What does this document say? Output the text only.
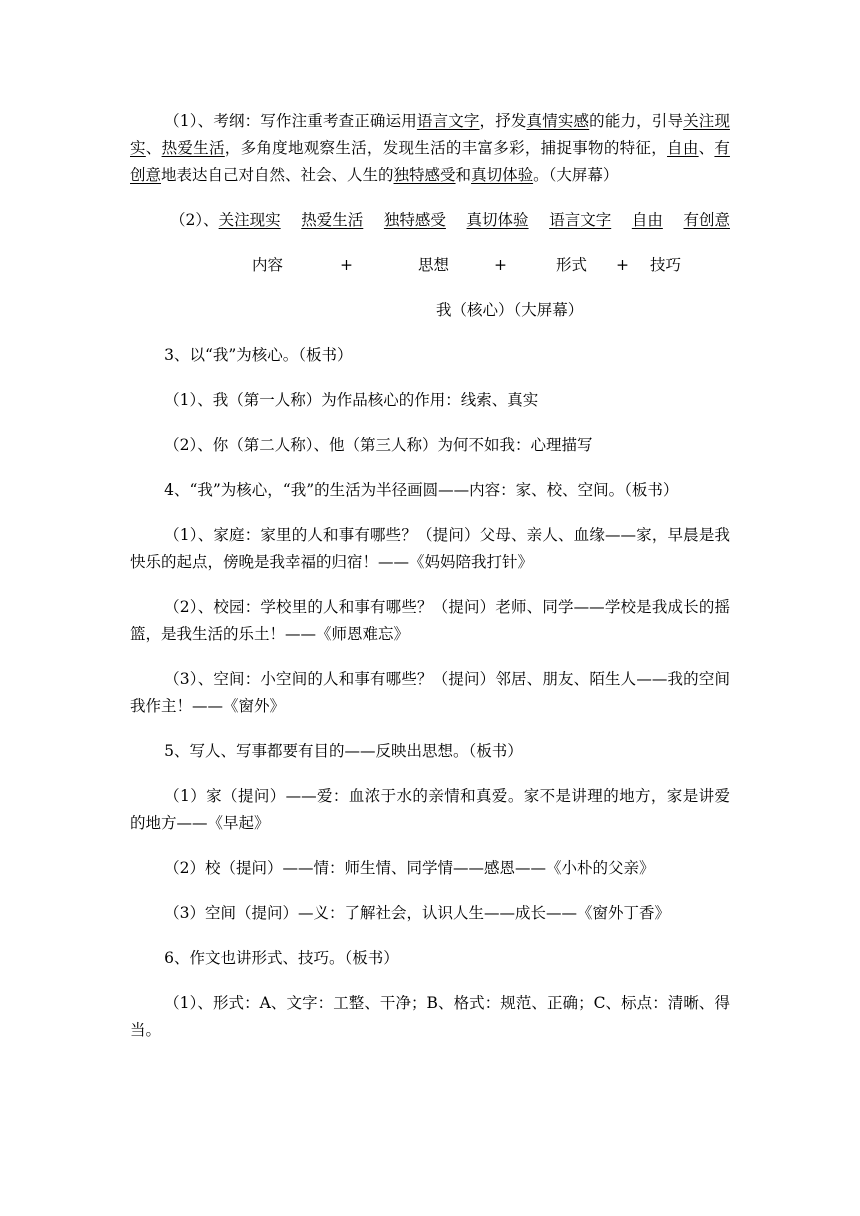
（1）、考纲：写作注重考查正确运用语言文字，抒发真情实感的能力，引导关注现实、热爱生活，多角度地观察生活，发现生活的丰富多彩，捕捉事物的特征，自由、有创意地表达自己对自然、社会、人生的独特感受和真切体验。（大屏幕）

（2）、关注现实 热爱生活 独特感受 真切体验 语言文字 自由 有创意
内容	+	思想	+	形式 + 技巧

我（核心）（大屏幕）

3、以“我”为核心。（板书）

（1）、我（第一人称）为作品核心的作用：线索、真实

（2）、你（第二人称）、他（第三人称）为何不如我：心理描写

4、“我”为核心，“我”的生活为半径画圆——内容：家、校、空间。（板书）

（1）、家庭：家里的人和事有哪些？（提问）父母、亲人、血缘——家，早晨是我快乐的起点，傍晚是我幸福的归宿！——《妈妈陪我打针》

（2）、校园：学校里的人和事有哪些？（提问）老师、同学——学校是我成长的摇篮，是我生活的乐土！——《师恩难忘》

（3）、空间：小空间的人和事有哪些？（提问）邻居、朋友、陌生人——我的空间我作主！——《窗外》

5、写人、写事都要有目的——反映出思想。（板书）

（1）家（提问）——爱：血浓于水的亲情和真爱。家不是讲理的地方，家是讲爱的地方——《早起》

（2）校（提问）——情：师生情、同学情——感恩——《小朴的父亲》

（3）空间（提问）—义：了解社会，认识人生——成长——《窗外丁香》

6、作文也讲形式、技巧。（板书）

（1）、形式：A、文字：工整、干净；B、格式：规范、正确；C、标点：清晰、得当。
